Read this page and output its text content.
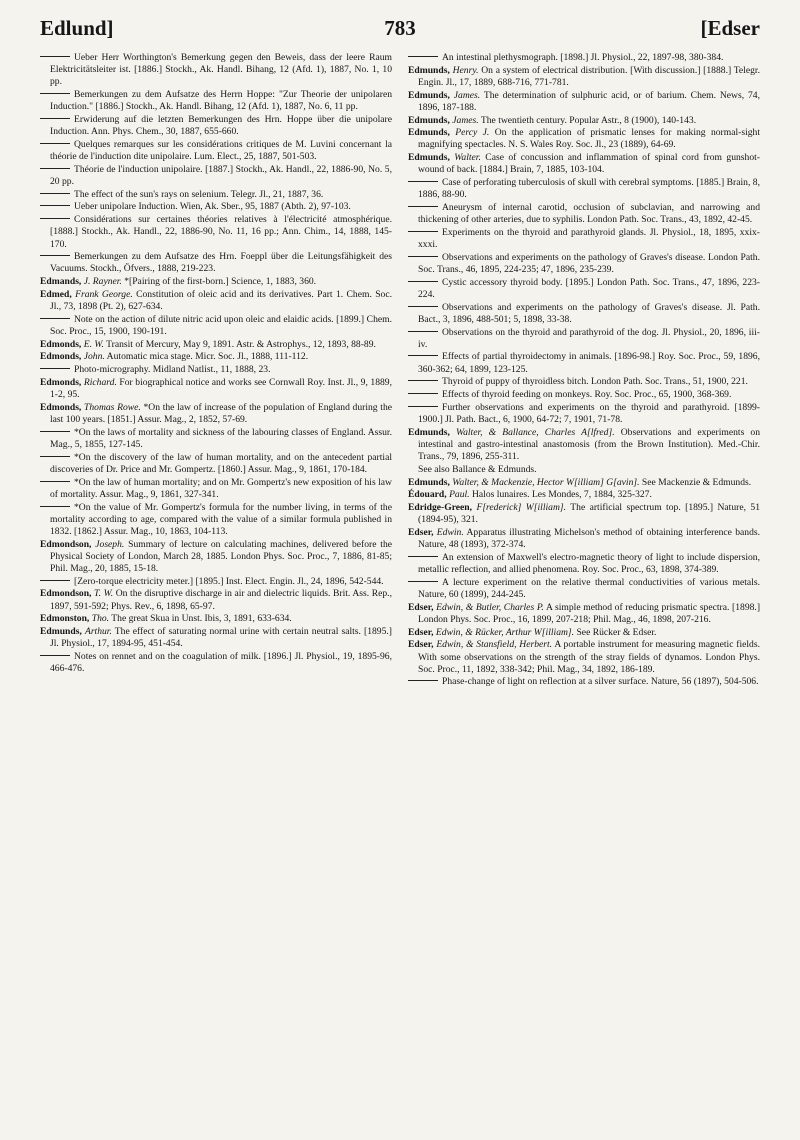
Edlund]	783	[Edser

Ueber Herr Worthington's Bemerkung gegen den Beweis, dass der leere Raum Elektricitätsleiter ist. [1886.] Stockh., Ak. Handl. Bihang, 12 (Afd. 1), 1887, No. 1, 10 pp.

Bemerkungen zu dem Aufsatze des Herrn Hoppe: "Zur Theorie der unipolaren Induction." [1886.] Stockh., Ak. Handl. Bihang, 12 (Afd. 1), 1887, No. 6, 11 pp.

Erwiderung auf die letzten Bemerkungen des Hrn. Hoppe über die unipolare Induction. Ann. Phys. Chem., 30, 1887, 655-660.

Quelques remarques sur les considérations critiques de M. Luvini concernant la théorie de l'induction dite unipolaire. Lum. Elect., 25, 1887, 501-503.

Théorie de l'induction unipolaire. [1887.] Stockh., Ak. Handl., 22, 1886-90, No. 5, 20 pp.

The effect of the sun's rays on selenium. Telegr. Jl., 21, 1887, 36.

Ueber unipolare Induction. Wien, Ak. Sber., 95, 1887 (Abth. 2), 97-103.

Considérations sur certaines théories relatives à l'électricité atmosphérique. [1888.] Stockh., Ak. Handl., 22, 1886-90, No. 11, 16 pp.; Ann. Chim., 14, 1888, 145-170.

Bemerkungen zu dem Aufsatze des Hrn. Foeppl über die Leitungsfähigkeit des Vacuums. Stockh., Öfvers., 1888, 219-223.

Edmands, J. Rayner. *[Pairing of the first-born.] Science, 1, 1883, 360.

Edmed, Frank George. Constitution of oleic acid and its derivatives. Part 1. Chem. Soc. Jl., 73, 1898 (Pt. 2), 627-634.

Note on the action of dilute nitric acid upon oleic and elaidic acids. [1899.] Chem. Soc. Proc., 15, 1900, 190-191.

Edmonds, E. W. Transit of Mercury, May 9, 1891. Astr. & Astrophys., 12, 1893, 88-89.

Edmonds, John. Automatic mica stage. Micr. Soc. Jl., 1888, 111-112.

Photo-micrography. Midland Natlist., 11, 1888, 23.

Edmonds, Richard. For biographical notice and works see Cornwall Roy. Inst. Jl., 9, 1889, 1-2, 95.

Edmonds, Thomas Rowe. *On the law of increase of the population of England during the last 100 years. [1851.] Assur. Mag., 2, 1852, 57-69.

*On the laws of mortality and sickness of the labouring classes of England. Assur. Mag., 5, 1855, 127-145.

*On the discovery of the law of human mortality, and on the antecedent partial discoveries of Dr. Price and Mr. Gompertz. [1860.] Assur. Mag., 9, 1861, 170-184.

*On the law of human mortality; and on Mr. Gompertz's new exposition of his law of mortality. Assur. Mag., 9, 1861, 327-341.

*On the value of Mr. Gompertz's formula for the number living, in terms of the mortality according to age, compared with the value of a similar formula published in 1832. [1862.] Assur. Mag., 10, 1863, 104-113.

Edmondson, Joseph. Summary of lecture on calculating machines, delivered before the Physical Society of London, March 28, 1885. London Phys. Soc. Proc., 7, 1886, 81-85; Phil. Mag., 20, 1885, 15-18.

[Zero-torque electricity meter.] [1895.] Inst. Elect. Engin. Jl., 24, 1896, 542-544.

Edmondson, T. W. On the disruptive discharge in air and dielectric liquids. Brit. Ass. Rep., 1897, 591-592; Phys. Rev., 6, 1898, 65-97.

Edmonston, Tho. The great Skua in Unst. Ibis, 3, 1891, 633-634.

Edmunds, Arthur. The effect of saturating normal urine with certain neutral salts. [1895.] Jl. Physiol., 17, 1894-95, 451-454.

Notes on rennet and on the coagulation of milk. [1896.] Jl. Physiol., 19, 1895-96, 466-476.

An intestinal plethysmograph. [1898.] Jl. Physiol., 22, 1897-98, 380-384.

Edmunds, Henry. On a system of electrical distribution. [With discussion.] [1888.] Telegr. Engin. Jl., 17, 1889, 688-716, 771-781.

Edmunds, James. The determination of sulphuric acid, or of barium. Chem. News, 74, 1896, 187-188.

Edmunds, James. The twentieth century. Popular Astr., 8 (1900), 140-143.

Edmunds, Percy J. On the application of prismatic lenses for making normal-sight magnifying spectacles. N. S. Wales Roy. Soc. Jl., 23 (1889), 64-69.

Edmunds, Walter. Case of concussion and inflammation of spinal cord from gunshot-wound of back. [1884.] Brain, 7, 1885, 103-104.

Case of perforating tuberculosis of skull with cerebral symptoms. [1885.] Brain, 8, 1886, 88-90.

Aneurysm of internal carotid, occlusion of subclavian, and narrowing and thickening of other arteries, due to syphilis. London Path. Soc. Trans., 43, 1892, 42-45.

Experiments on the thyroid and parathyroid glands. Jl. Physiol., 18, 1895, xxix-xxxi.

Observations and experiments on the pathology of Graves's disease. London Path. Soc. Trans., 46, 1895, 224-235; 47, 1896, 235-239.

Cystic accessory thyroid body. [1895.] London Path. Soc. Trans., 47, 1896, 223-224.

Observations and experiments on the pathology of Graves's disease. Jl. Path. Bact., 3, 1896, 488-501; 5, 1898, 33-38.

Observations on the thyroid and parathyroid of the dog. Jl. Physiol., 20, 1896, iii-iv.

Effects of partial thyroidectomy in animals. [1896-98.] Roy. Soc. Proc., 59, 1896, 360-362; 64, 1899, 123-125.

Thyroid of puppy of thyroidless bitch. London Path. Soc. Trans., 51, 1900, 221.

Effects of thyroid feeding on monkeys. Roy. Soc. Proc., 65, 1900, 368-369.

Further observations and experiments on the thyroid and parathyroid. [1899-1900.] Jl. Path. Bact., 6, 1900, 64-72; 7, 1901, 71-78.

Edmunds, Walter, & Ballance, Charles A[lfred]. Observations and experiments on intestinal and gastro-intestinal anastomosis (from the Brown Institution). Med.-Chir. Trans., 79, 1896, 255-311.

See also Ballance & Edmunds.

Edmunds, Walter, & Mackenzie, Hector W[illiam] G[avin]. See Mackenzie & Edmunds.

Édouard, Paul. Halos lunaires. Les Mondes, 7, 1884, 325-327.

Edridge-Green, F[rederick] W[illiam]. The artificial spectrum top. [1895.] Nature, 51 (1894-95), 321.

Edser, Edwin. Apparatus illustrating Michelson's method of obtaining interference bands. Nature, 48 (1893), 372-374.

An extension of Maxwell's electro-magnetic theory of light to include dispersion, metallic reflection, and allied phenomena. Roy. Soc. Proc., 63, 1898, 374-389.

A lecture experiment on the relative thermal conductivities of various metals. Nature, 60 (1899), 244-245.

Edser, Edwin, & Butler, Charles P. A simple method of reducing prismatic spectra. [1898.] London Phys. Soc. Proc., 16, 1899, 207-218; Phil. Mag., 46, 1898, 207-216.

Edser, Edwin, & Rücker, Arthur W[illiam]. See Rücker & Edser.

Edser, Edwin, & Stansfield, Herbert. A portable instrument for measuring magnetic fields. With some observations on the strength of the stray fields of dynamos. London Phys. Soc. Proc., 11, 1892, 338-342; Phil. Mag., 34, 1892, 186-189.

Phase-change of light on reflection at a silver surface. Nature, 56 (1897), 504-506.
